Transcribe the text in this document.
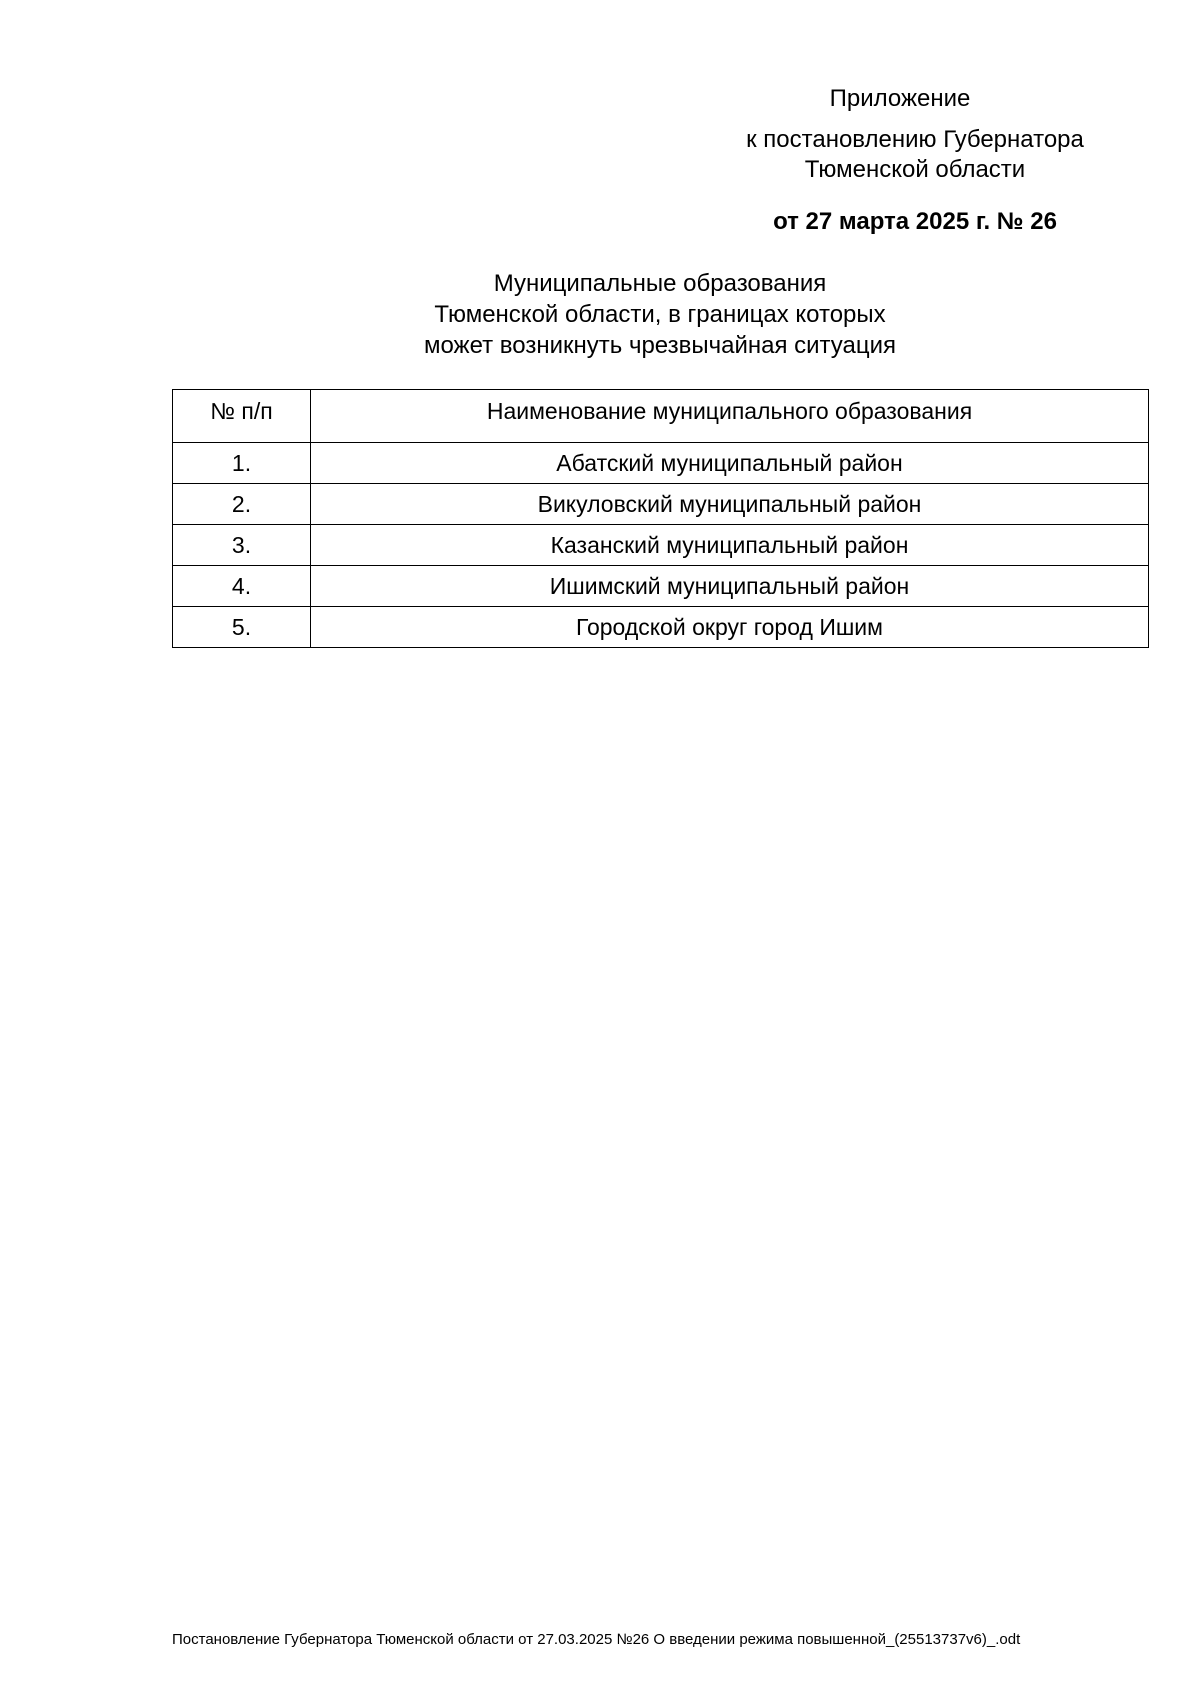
Приложение
к постановлению Губернатора
Тюменской области
от 27 марта 2025 г. № 26
Муниципальные образования
Тюменской области, в границах которых
может возникнуть чрезвычайная ситуация
№ п/п	Наименование муниципального образования
1.	Абатский муниципальный район
2.	Викуловский муниципальный район
3.	Казанский муниципальный район
4.	Ишимский муниципальный район
5.	Городской округ город Ишим
Постановление Губернатора Тюменской области от 27.03.2025 №26 О введении режима повышенной_(25513737v6)_.odt
